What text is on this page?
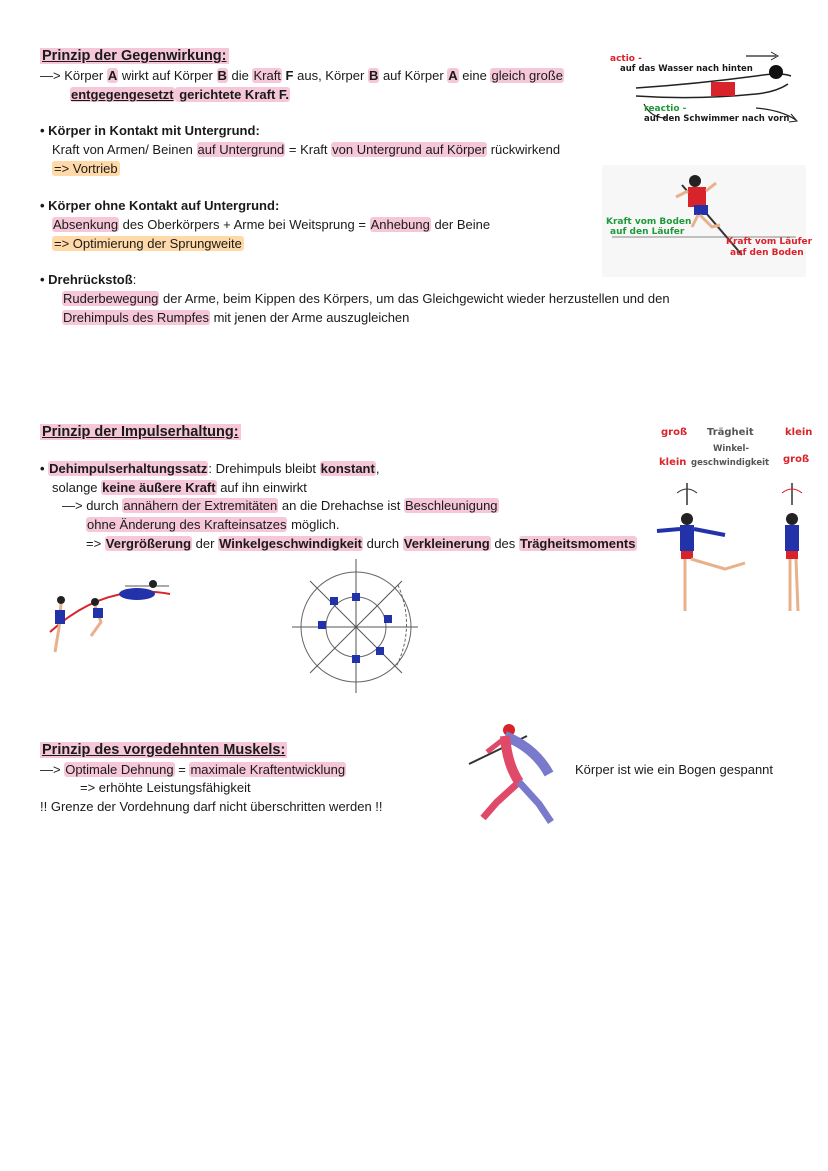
Prinzip der Gegenwirkung:
—> Körper A wirkt auf Körper B die Kraft F aus, Körper B auf Körper A eine gleich große
entgegengesetzt gerichtete Kraft F.
• Körper in Kontakt mit Untergrund:
Kraft von Armen/ Beinen auf Untergrund = Kraft von Untergrund auf Körper rückwirkend
=> Vortrieb
• Körper ohne Kontakt auf Untergrund:
Absenkung des Oberkörpers + Arme bei Weitsprung = Anhebung der Beine
=> Optimierung der Sprungweite
• Drehrückstoß:
Ruderbewegung der Arme, beim Kippen des Körpers, um das Gleichgewicht wieder herzustellen und den
Drehimpuls des Rumpfes mit jenen der Arme auszugleichen
actio -
auf das Wasser nach hinten
reactio -
auf den Schwimmer nach vorn
Kraft vom Boden
auf den Läufer
Kraft vom Läufer
auf den Boden
Prinzip der Impulserhaltung:
• Dehimpulserhaltungssatz: Drehimpuls bleibt konstant,
solange keine äußere Kraft auf ihn einwirkt
—> durch annähern der Extremitäten an die Drehachse ist Beschleunigung
ohne Änderung des Krafteinsatzes möglich.
=> Vergrößerung der Winkelgeschwindigkeit durch Verkleinerung des Trägheitsmoments
groß Trägheit	klein
Winkel-
klein geschwindigkeit groß
Prinzip des vorgedehnten Muskels:
—> Optimale Dehnung = maximale Kraftentwicklung
=> erhöhte Leistungsfähigkeit
!! Grenze der Vordehnung darf nicht überschritten werden !!
Körper ist wie ein Bogen gespannt
